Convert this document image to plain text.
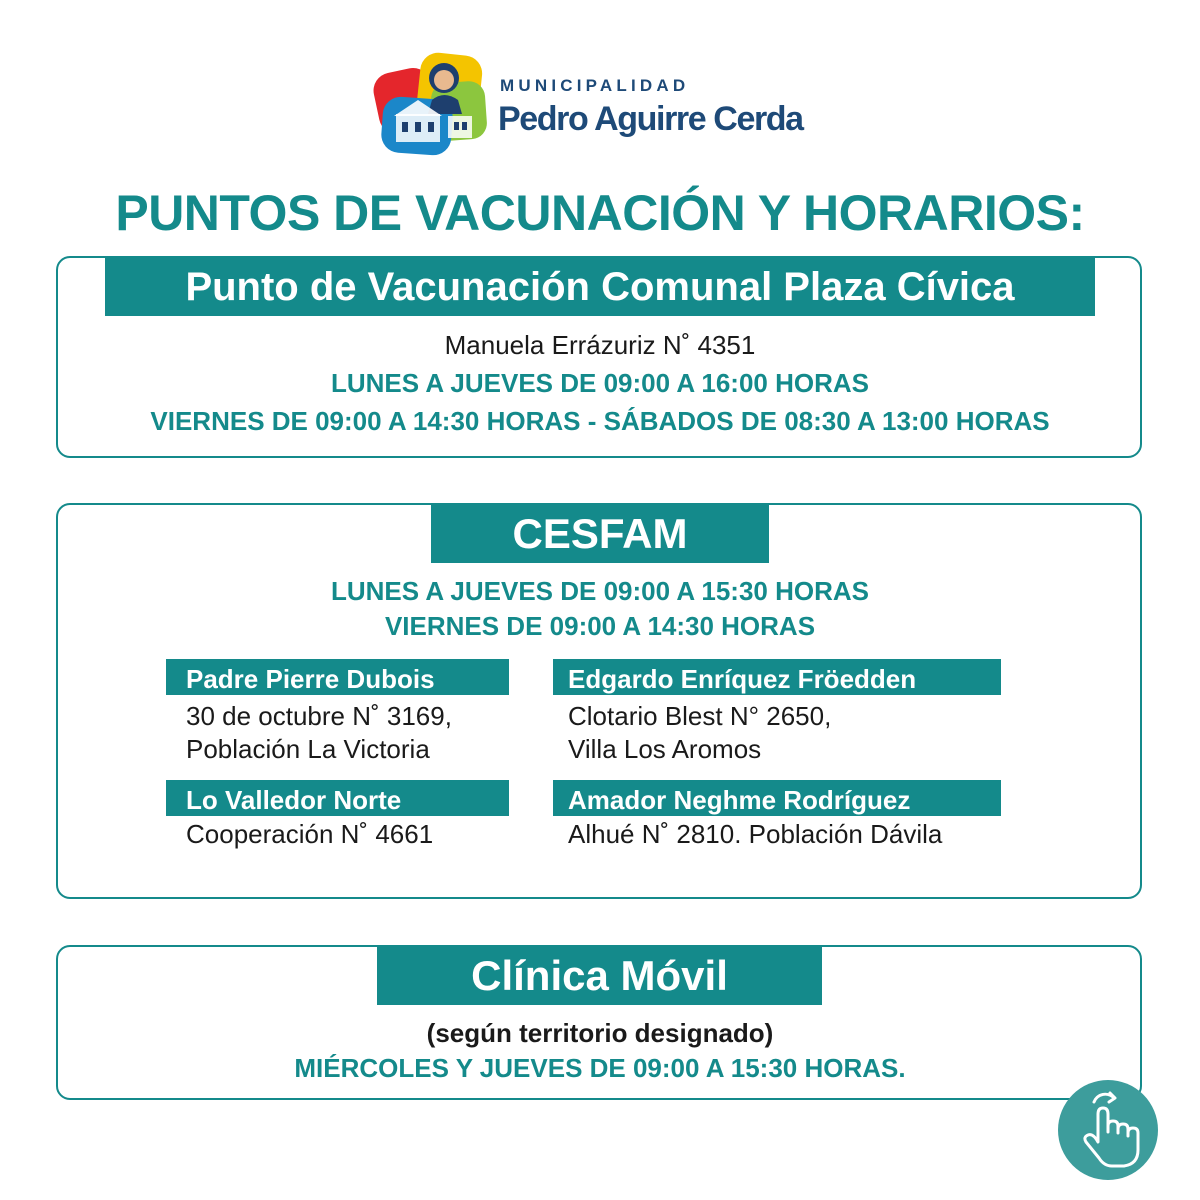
MUNICIPALIDAD
Pedro Aguirre Cerda
PUNTOS DE VACUNACIÓN Y HORARIOS:
Punto de Vacunación Comunal Plaza Cívica
Manuela Errázuriz N˚ 4351
LUNES A JUEVES DE 09:00 A 16:00 HORAS
VIERNES DE 09:00 A 14:30 HORAS - SÁBADOS DE 08:30 A 13:00 HORAS
CESFAM
LUNES A JUEVES DE 09:00 A 15:30 HORAS
VIERNES DE 09:00 A 14:30 HORAS
Padre Pierre Dubois
30 de octubre N˚ 3169,
Población La Victoria
Edgardo Enríquez Fröedden
Clotario Blest N° 2650,
Villa Los Aromos
Lo Valledor Norte
Cooperación N˚ 4661
Amador Neghme Rodríguez
Alhué N˚ 2810. Población Dávila
Clínica Móvil
(según territorio designado)
MIÉRCOLES Y JUEVES DE 09:00 A 15:30 HORAS.
